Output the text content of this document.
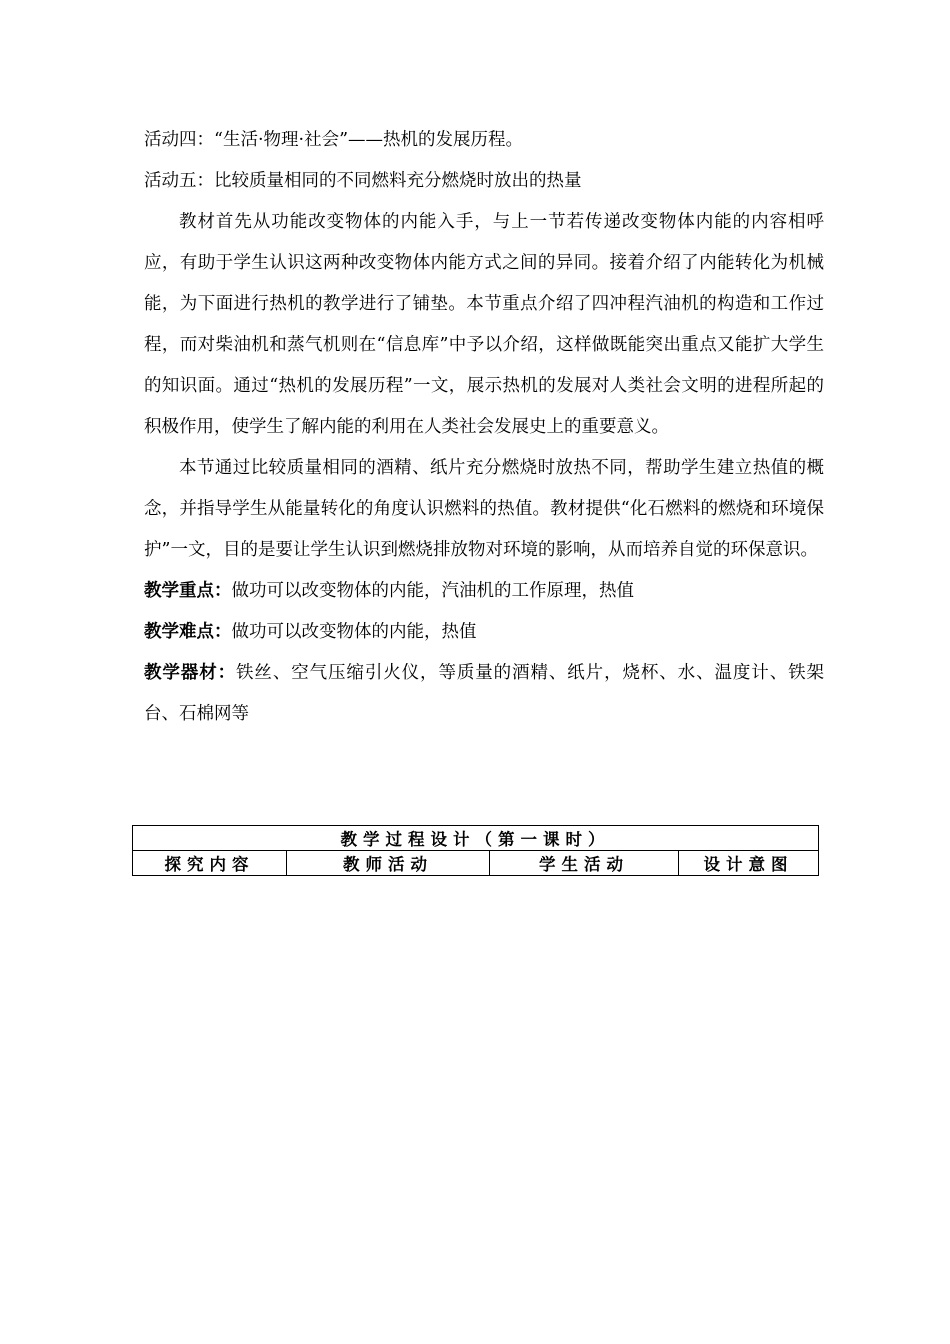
活动四：“生活·物理·社会”——热机的发展历程。

活动五：比较质量相同的不同燃料充分燃烧时放出的热量

教材首先从功能改变物体的内能入手，与上一节若传递改变物体内能的内容相呼应，有助于学生认识这两种改变物体内能方式之间的异同。接着介绍了内能转化为机械能，为下面进行热机的教学进行了铺垫。本节重点介绍了四冲程汽油机的构造和工作过程，而对柴油机和蒸气机则在“信息库”中予以介绍，这样做既能突出重点又能扩大学生的知识面。通过“热机的发展历程”一文，展示热机的发展对人类社会文明的进程所起的积极作用，使学生了解内能的利用在人类社会发展史上的重要意义。

本节通过比较质量相同的酒精、纸片充分燃烧时放热不同，帮助学生建立热值的概念，并指导学生从能量转化的角度认识燃料的热值。教材提供“化石燃料的燃烧和环境保护”一文，目的是要让学生认识到燃烧排放物对环境的影响，从而培养自觉的环保意识。

教学重点：做功可以改变物体的内能，汽油机的工作原理，热值

教学难点：做功可以改变物体的内能，热值

教学器材：铁丝、空气压缩引火仪，等质量的酒精、纸片，烧杯、水、温度计、铁架台、石棉网等

教学过程设计（第一课时）
探究内容	教师活动	学生活动	设计意图
